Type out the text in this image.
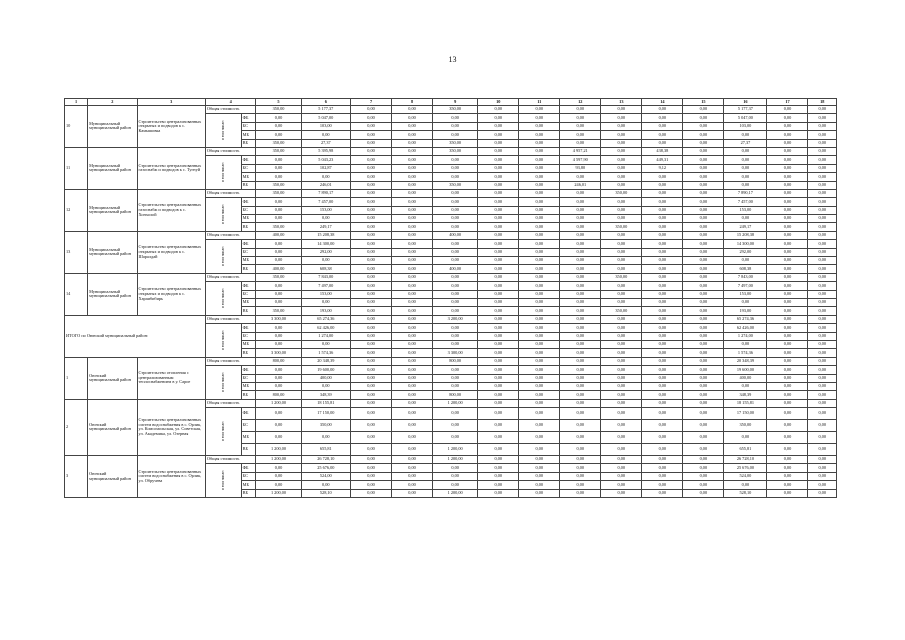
13
1	2	3	4		5	6	7	8	9	10	11	12	13	14	15	16	17	18
10	Муниципальный муниципальный район	Строительство централизованных открытых и подводов к с. Камышовка	Общая стоимость		350,00	5 177,37	0,00	0,00	350,00	0,00	0,00	0,00	0,00	0,00	0,00	5 177,37	0,00	0,00
			в том числе:	ФБ	0,00	5 047,00	0,00	0,00	0,00	0,00	0,00	0,00	0,00	0,00	0,00	5 047,00	0,00	0,00
				БС	0,00	103,00	0,00	0,00	0,00	0,00	0,00	0,00	0,00	0,00	0,00	103,00	0,00	0,00
				МБ	0,00	0,00	0,00	0,00	0,00	0,00	0,00	0,00	0,00	0,00	0,00	0,00	0,00	0,00
				ВБ	350,00	27,37	0,00	0,00	350,00	0,00	0,00	0,00	0,00	0,00	0,00	27,37	0,00	0,00
11	Муниципальный муниципальный район	Строительство централизованных газоснабж и подводов к с. Тугнуй	Общая стоимость		350,00	5 395,98	0,00	0,00	350,00	0,00	0,00	4 957,21	0,00	438,38	0,00	0,00	0,00	0,00
			в том числе:	ФБ	0,00	5 043,23	0,00	0,00	0,00	0,00	0,00	4 597,90	0,00	449,31	0,00	0,00	0,00	0,00
				БС	0,00	102,87	0,00	0,00	0,00	0,00	0,00	93,80	0,00	9,12	0,00	0,00	0,00	0,00
				МБ	0,00	0,00	0,00	0,00	0,00	0,00	0,00	0,00	0,00	0,00	0,00	0,00	0,00	0,00
				ВБ	350,00	246,01	0,00	0,00	350,00	0,00	0,00	246,01	0,00	0,00	0,00	0,00	0,00	0,00
12	Муниципальный муниципальный район	Строительство централизованных газоснабж и подводов к с. Хонхолой	Общая стоимость		350,00	7 890,17	0,00	0,00	0,00	0,00	0,00	0,00	350,00	0,00	0,00	7 890,17	0,00	0,00
			в том числе:	ФБ	0,00	7 457,00	0,00	0,00	0,00	0,00	0,00	0,00	0,00	0,00	0,00	7 457,00	0,00	0,00
				БС	0,00	153,00	0,00	0,00	0,00	0,00	0,00	0,00	0,00	0,00	0,00	153,00	0,00	0,00
				МБ	0,00	0,00	0,00	0,00	0,00	0,00	0,00	0,00	0,00	0,00	0,00	0,00	0,00	0,00
				ВБ	350,00	249,17	0,00	0,00	0,00	0,00	0,00	0,00	350,00	0,00	0,00	249,17	0,00	0,00
13	Муниципальный муниципальный район	Строительство централизованных открытых и подводов к с. Шаралдай	Общая стоимость		400,00	15 208,38	0,00	0,00	400,00	0,00	0,00	0,00	0,00	0,00	0,00	15 208,38	0,00	0,00
			в том числе:	ФБ	0,00	14 300,00	0,00	0,00	0,00	0,00	0,00	0,00	0,00	0,00	0,00	14 300,00	0,00	0,00
				БС	0,00	292,00	0,00	0,00	0,00	0,00	0,00	0,00	0,00	0,00	0,00	292,00	0,00	0,00
				МБ	0,00	0,00	0,00	0,00	0,00	0,00	0,00	0,00	0,00	0,00	0,00	0,00	0,00	0,00
				ВБ	400,00	608,38	0,00	0,00	400,00	0,00	0,00	0,00	0,00	0,00	0,00	608,38	0,00	0,00
14	Муниципальный муниципальный район	Строительство централизованных открытых и подводов к с. Хараибибирь	Общая стоимость		350,00	7 843,00	0,00	0,00	0,00	0,00	0,00	0,00	350,00	0,00	0,00	7 843,00	0,00	0,00
			в том числе:	ФБ	0,00	7 497,00	0,00	0,00	0,00	0,00	0,00	0,00	0,00	0,00	0,00	7 497,00	0,00	0,00
				БС	0,00	153,00	0,00	0,00	0,00	0,00	0,00	0,00	0,00	0,00	0,00	153,00	0,00	0,00
				МБ	0,00	0,00	0,00	0,00	0,00	0,00	0,00	0,00	0,00	0,00	0,00	0,00	0,00	0,00
				ВБ	350,00	193,00	0,00	0,00	0,00	0,00	0,00	0,00	350,00	0,00	0,00	193,00	0,00	0,00
ИТОГО по Оюнский муниципальный район:			Общая стоимость		3 300,00	65 274,36	0,00	0,00	3 200,00	0,00	0,00	0,00	0,00	0,00	0,00	65 274,36	0,00	0,00
			в том числе:	ФБ	0,00	62 426,00	0,00	0,00	0,00	0,00	0,00	0,00	0,00	0,00	0,00	62 426,00	0,00	0,00
				БС	0,00	1 274,00	0,00	0,00	0,00	0,00	0,00	0,00	0,00	0,00	0,00	1 274,00	0,00	0,00
				МБ	0,00	0,00	0,00	0,00	0,00	0,00	0,00	0,00	0,00	0,00	0,00	0,00	0,00	0,00
				ВБ	3 300,00	1 574,36	0,00	0,00	3 300,00	0,00	0,00	0,00	0,00	0,00	0,00	1 574,36	0,00	0,00
1	Оюнский муниципальный район	Строительство отопления с централизованным теплоснабжением в у. Сарое	Общая стоимость		800,00	20 348,39	0,00	0,00	800,00	0,00	0,00	0,00	0,00	0,00	0,00	20 348,39	0,00	0,00
			в том числе:	ФБ	0,00	19 600,00	0,00	0,00	0,00	0,00	0,00	0,00	0,00	0,00	0,00	19 600,00	0,00	0,00
				БС	0,00	400,00	0,00	0,00	0,00	0,00	0,00	0,00	0,00	0,00	0,00	400,00	0,00	0,00
				МБ	0,00	0,00	0,00	0,00	0,00	0,00	0,00	0,00	0,00	0,00	0,00	0,00	0,00	0,00
				ВБ	800,00	348,39	0,00	0,00	800,00	0,00	0,00	0,00	0,00	0,00	0,00	348,39	0,00	0,00
2	Оюнский муниципальный район	Строительство централизованных систем водоснабжения в с. Орлик, ул. Комсомольская, ул. Советская, ул. Академика, ул. Озерная	Общая стоимость		1 200,00	18 155,81	0,00	0,00	1 200,00	0,00	0,00	0,00	0,00	0,00	0,00	18 155,81	0,00	0,00
			в том числе:	ФБ	0,00	17 150,00	0,00	0,00	0,00	0,00	0,00	0,00	0,00	0,00	0,00	17 150,00	0,00	0,00
				БС	0,00	350,00	0,00	0,00	0,00	0,00	0,00	0,00	0,00	0,00	0,00	350,00	0,00	0,00
				МБ	0,00	0,00	0,00	0,00	0,00	0,00	0,00	0,00	0,00	0,00	0,00	0,00	0,00	0,00
				ВБ	1 200,00	655,81	0,00	0,00	1 200,00	0,00	0,00	0,00	0,00	0,00	0,00	655,81	0,00	0,00
3	Оюнский муниципальный район	Строительство централизованных систем водоснабжения в с. Орлик, ул. Обручева	Общая стоимость		1 200,00	26 728,10	0,00	0,00	1 200,00	0,00	0,00	0,00	0,00	0,00	0,00	26 728,10	0,00	0,00
			в том числе:	ФБ	0,00	25 676,00	0,00	0,00	0,00	0,00	0,00	0,00	0,00	0,00	0,00	25 676,00	0,00	0,00
				БС	0,00	524,00	0,00	0,00	0,00	0,00	0,00	0,00	0,00	0,00	0,00	524,00	0,00	0,00
				МБ	0,00	0,00	0,00	0,00	0,00	0,00	0,00	0,00	0,00	0,00	0,00	0,00	0,00	0,00
				ВБ	1 200,00	528,10	0,00	0,00	1 200,00	0,00	0,00	0,00	0,00	0,00	0,00	528,10	0,00	0,00
